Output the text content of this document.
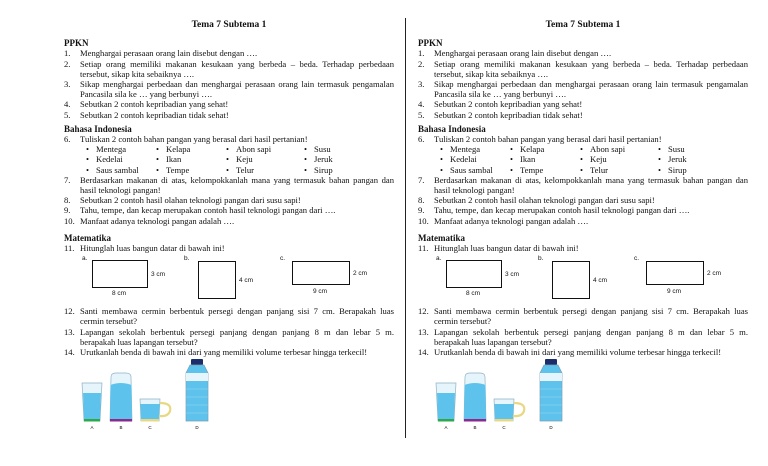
Tema 7 Subtema 1
PPKN
1. Menghargai perasaan orang lain disebut dengan ….
2. Setiap orang memiliki makanan kesukaan yang berbeda – beda. Terhadap perbedaan tersebut, sikap kita sebaiknya ….
3. Sikap menghargai perbedaan dan menghargai perasaan orang lain termasuk pengamalan Pancasila sila ke … yang berbunyi ….
4. Sebutkan 2 contoh kepribadian yang sehat!
5. Sebutkan 2 contoh kepribadian tidak sehat!
Bahasa Indonesia
6. Tuliskan 2 contoh bahan pangan yang berasal dari hasil pertanian!
• Mentega	• Kelapa	• Abon sapi	• Susu
• Kedelai	• Ikan	• Keju	• Jeruk
• Saus sambal	• Tempe	• Telur	• Sirup
7. Berdasarkan makanan di atas, kelompokkanlah mana yang termasuk bahan pangan dan hasil teknologi pangan!
8. Sebutkan 2 contoh hasil olahan teknologi pangan dari susu sapi!
9. Tahu, tempe, dan kecap merupakan contoh hasil teknologi pangan dari ….
10. Manfaat adanya teknologi pangan adalah ….
Matematika
11. Hitunglah luas bangun datar di bawah ini!
a.
3 cm
8 cm
b.
4 cm
c.
2 cm
9 cm
12. Santi membawa cermin berbentuk persegi dengan panjang sisi 7 cm. Berapakah luas cermin tersebut?
13. Lapangan sekolah berbentuk persegi panjang dengan panjang 8 m dan lebar 5 m. berapakah luas lapangan tersebut?
14. Urutkanlah benda di bawah ini dari yang memiliki volume terbesar hingga terkecil!
A	B	C	D
Tema 7 Subtema 1
PPKN
1. Menghargai perasaan orang lain disebut dengan ….
2. Setiap orang memiliki makanan kesukaan yang berbeda – beda. Terhadap perbedaan tersebut, sikap kita sebaiknya ….
3. Sikap menghargai perbedaan dan menghargai perasaan orang lain termasuk pengamalan Pancasila sila ke … yang berbunyi ….
4. Sebutkan 2 contoh kepribadian yang sehat!
5. Sebutkan 2 contoh kepribadian tidak sehat!
Bahasa Indonesia
6. Tuliskan 2 contoh bahan pangan yang berasal dari hasil pertanian!
• Mentega	• Kelapa	• Abon sapi	• Susu
• Kedelai	• Ikan	• Keju	• Jeruk
• Saus sambal	• Tempe	• Telur	• Sirup
7. Berdasarkan makanan di atas, kelompokkanlah mana yang termasuk bahan pangan dan hasil teknologi pangan!
8. Sebutkan 2 contoh hasil olahan teknologi pangan dari susu sapi!
9. Tahu, tempe, dan kecap merupakan contoh hasil teknologi pangan dari ….
10. Manfaat adanya teknologi pangan adalah ….
Matematika
11. Hitunglah luas bangun datar di bawah ini!
a.
3 cm
8 cm
b.
4 cm
c.
2 cm
9 cm
12. Santi membawa cermin berbentuk persegi dengan panjang sisi 7 cm. Berapakah luas cermin tersebut?
13. Lapangan sekolah berbentuk persegi panjang dengan panjang 8 m dan lebar 5 m. berapakah luas lapangan tersebut?
14. Urutkanlah benda di bawah ini dari yang memiliki volume terbesar hingga terkecil!
A	B	C	D
